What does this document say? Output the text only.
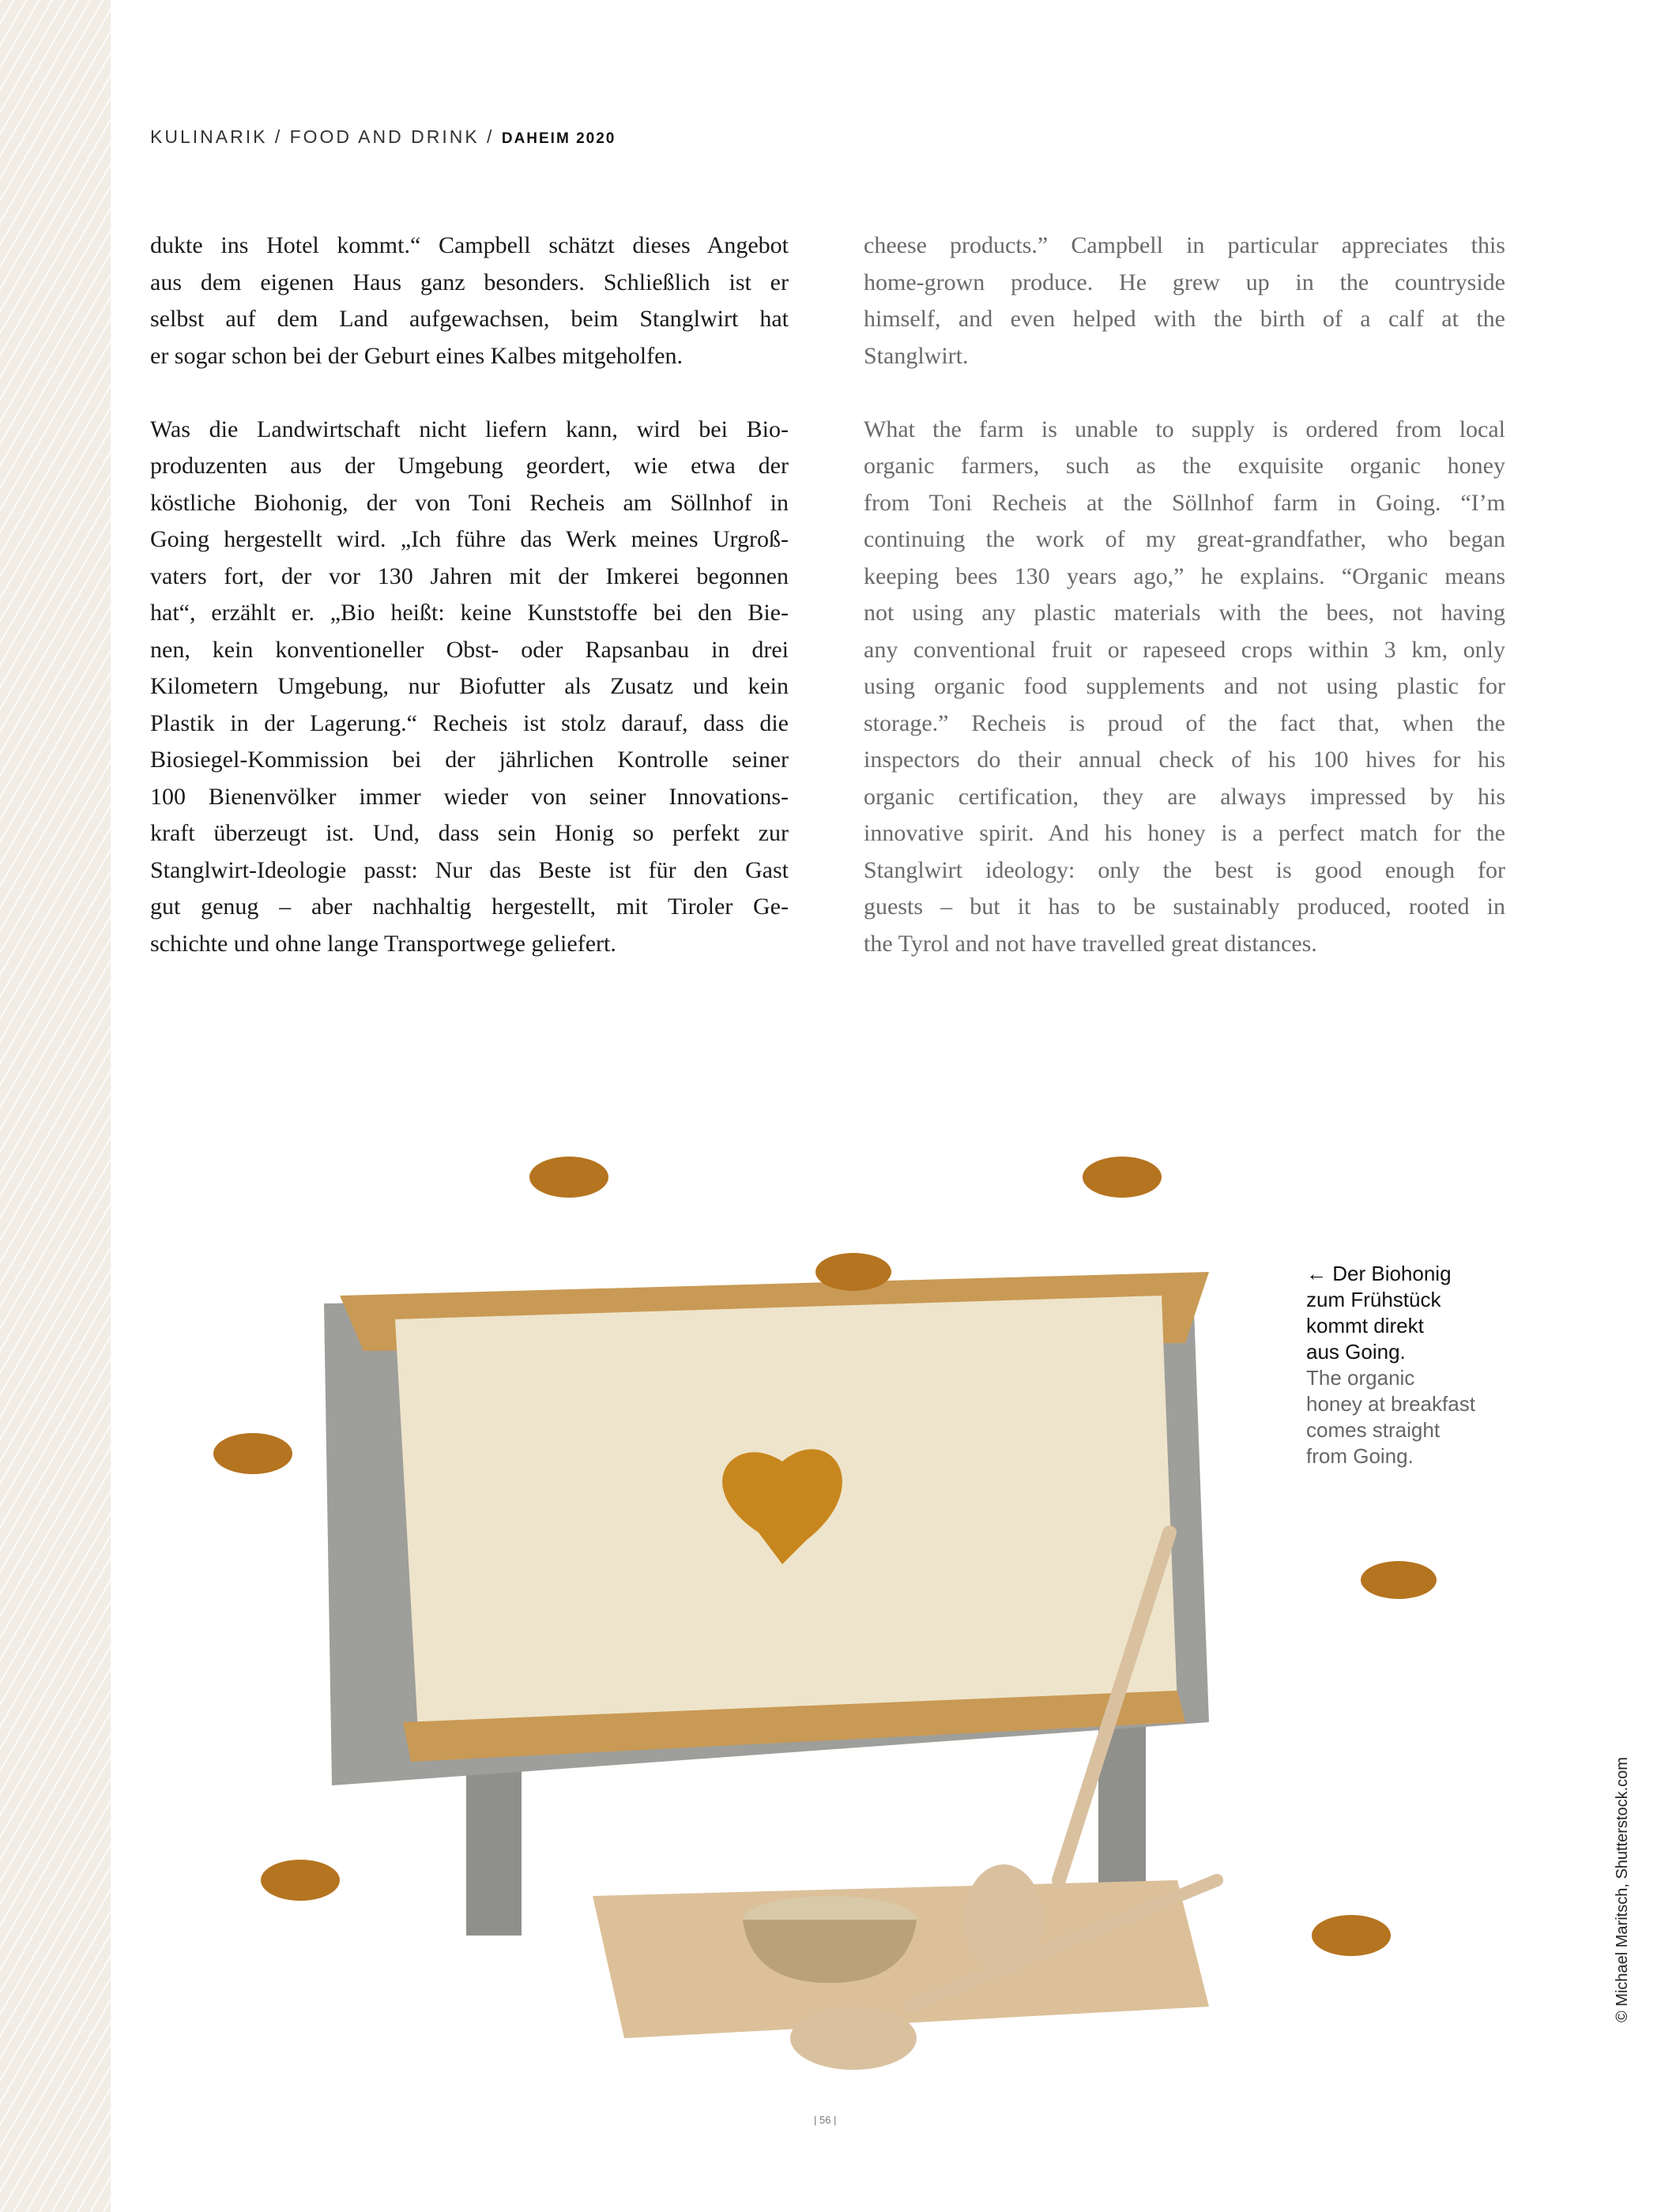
KULINARIK / FOOD AND DRINK / DAHEIM 2020
dukte ins Hotel kommt.“ Campbell schätzt dieses Angebot
aus dem eigenen Haus ganz besonders. Schließlich ist er
selbst auf dem Land aufgewachsen, beim Stanglwirt hat
er sogar schon bei der Geburt eines Kalbes mitgeholfen.
Was die Landwirtschaft nicht liefern kann, wird bei Bio-
produzenten aus der Umgebung geordert, wie etwa der
köstliche Biohonig, der von Toni Recheis am Söllnhof in
Going hergestellt wird. „Ich führe das Werk meines Urgroß-
vaters fort, der vor 130 Jahren mit der Imkerei begonnen
hat“, erzählt er. „Bio heißt: keine Kunststoffe bei den Bie-
nen, kein konventioneller Obst- oder Rapsanbau in drei
Kilometern Umgebung, nur Biofutter als Zusatz und kein
Plastik in der Lagerung.“ Recheis ist stolz darauf, dass die
Biosiegel-Kommission bei der jährlichen Kontrolle seiner
100 Bienenvölker immer wieder von seiner Innovations-
kraft überzeugt ist. Und, dass sein Honig so perfekt zur
Stanglwirt-Ideologie passt: Nur das Beste ist für den Gast
gut genug – aber nachhaltig hergestellt, mit Tiroler Ge-
schichte und ohne lange Transportwege geliefert.
cheese products.” Campbell in particular appreciates this
home-grown produce. He grew up in the countryside
himself, and even helped with the birth of a calf at the
Stanglwirt.
What the farm is unable to supply is ordered from local
organic farmers, such as the exquisite organic honey
from Toni Recheis at the Söllnhof farm in Going. “I’m
continuing the work of my great-grandfather, who began
keeping bees 130 years ago,” he explains. “Organic means
not using any plastic materials with the bees, not having
any conventional fruit or rapeseed crops within 3 km, only
using organic food supplements and not using plastic for
storage.” Recheis is proud of the fact that, when the
inspectors do their annual check of his 100 hives for his
organic certification, they are always impressed by his
innovative spirit. And his honey is a perfect match for the
Stanglwirt ideology: only the best is good enough for
guests – but it has to be sustainably produced, rooted in
the Tyrol and not have travelled great distances.
← Der Biohonig
zum Frühstück
kommt direkt
aus Going.
The organic
honey at breakfast
comes straight
from Going.
© Michael Maritsch, Shutterstock.com
| 56 |
